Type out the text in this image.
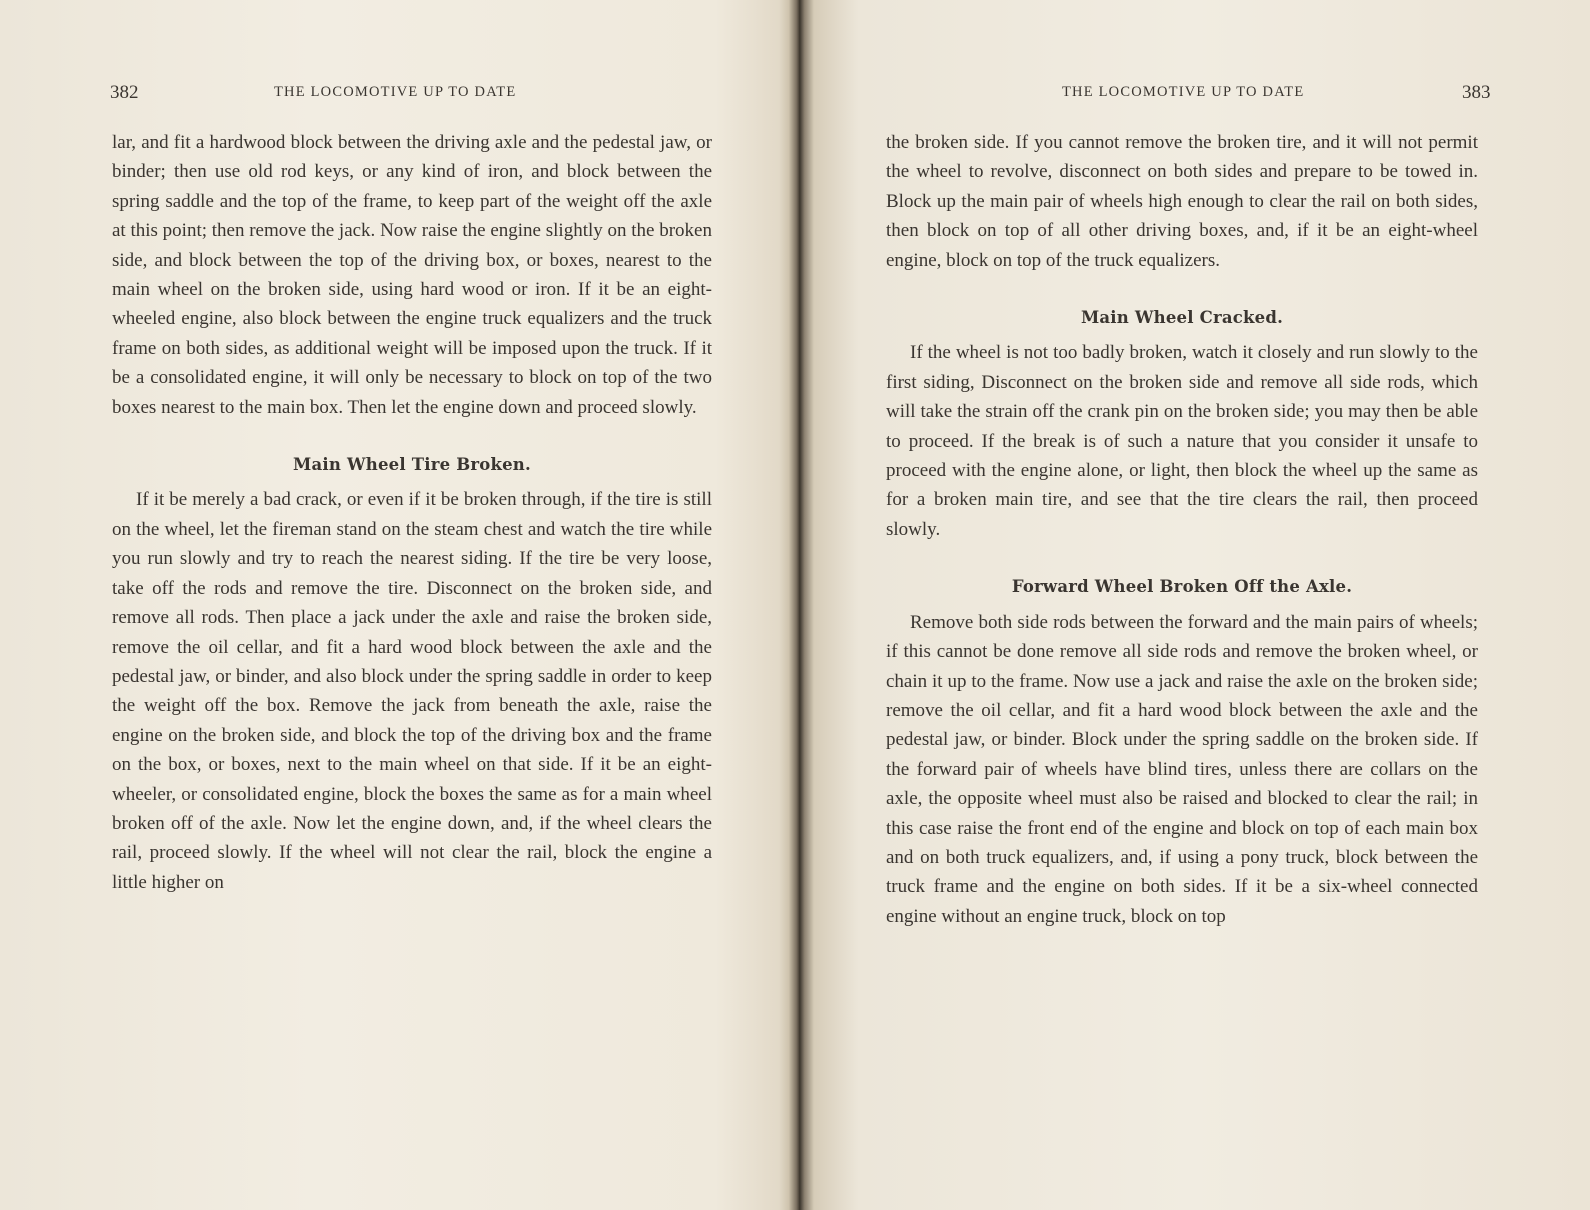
382	THE LOCOMOTIVE UP TO DATE

lar, and fit a hardwood block between the driving axle and the pedestal jaw, or binder; then use old rod keys, or any kind of iron, and block between the spring saddle and the top of the frame, to keep part of the weight off the axle at this point; then remove the jack. Now raise the engine slightly on the broken side, and block between the top of the driving box, or boxes, nearest to the main wheel on the broken side, using hard wood or iron. If it be an eight-wheeled engine, also block between the engine truck equalizers and the truck frame on both sides, as additional weight will be imposed upon the truck. If it be a consolidated engine, it will only be necessary to block on top of the two boxes nearest to the main box. Then let the engine down and proceed slowly.

Main Wheel Tire Broken.

If it be merely a bad crack, or even if it be broken through, if the tire is still on the wheel, let the fireman stand on the steam chest and watch the tire while you run slowly and try to reach the nearest siding. If the tire be very loose, take off the rods and remove the tire. Disconnect on the broken side, and remove all rods. Then place a jack under the axle and raise the broken side, remove the oil cellar, and fit a hard wood block between the axle and the pedestal jaw, or binder, and also block under the spring saddle in order to keep the weight off the box. Remove the jack from beneath the axle, raise the engine on the broken side, and block the top of the driving box and the frame on the box, or boxes, next to the main wheel on that side. If it be an eight-wheeler, or consolidated engine, block the boxes the same as for a main wheel broken off of the axle. Now let the engine down, and, if the wheel clears the rail, proceed slowly. If the wheel will not clear the rail, block the engine a little higher on

THE LOCOMOTIVE UP TO DATE	383

the broken side. If you cannot remove the broken tire, and it will not permit the wheel to revolve, disconnect on both sides and prepare to be towed in. Block up the main pair of wheels high enough to clear the rail on both sides, then block on top of all other driving boxes, and, if it be an eight-wheel engine, block on top of the truck equalizers.

Main Wheel Cracked.

If the wheel is not too badly broken, watch it closely and run slowly to the first siding, Disconnect on the broken side and remove all side rods, which will take the strain off the crank pin on the broken side; you may then be able to proceed. If the break is of such a nature that you consider it unsafe to proceed with the engine alone, or light, then block the wheel up the same as for a broken main tire, and see that the tire clears the rail, then proceed slowly.

Forward Wheel Broken Off the Axle.

Remove both side rods between the forward and the main pairs of wheels; if this cannot be done remove all side rods and remove the broken wheel, or chain it up to the frame. Now use a jack and raise the axle on the broken side; remove the oil cellar, and fit a hard wood block between the axle and the pedestal jaw, or binder. Block under the spring saddle on the broken side. If the forward pair of wheels have blind tires, unless there are collars on the axle, the opposite wheel must also be raised and blocked to clear the rail; in this case raise the front end of the engine and block on top of each main box and on both truck equalizers, and, if using a pony truck, block between the truck frame and the engine on both sides. If it be a six-wheel connected engine without an engine truck, block on top
